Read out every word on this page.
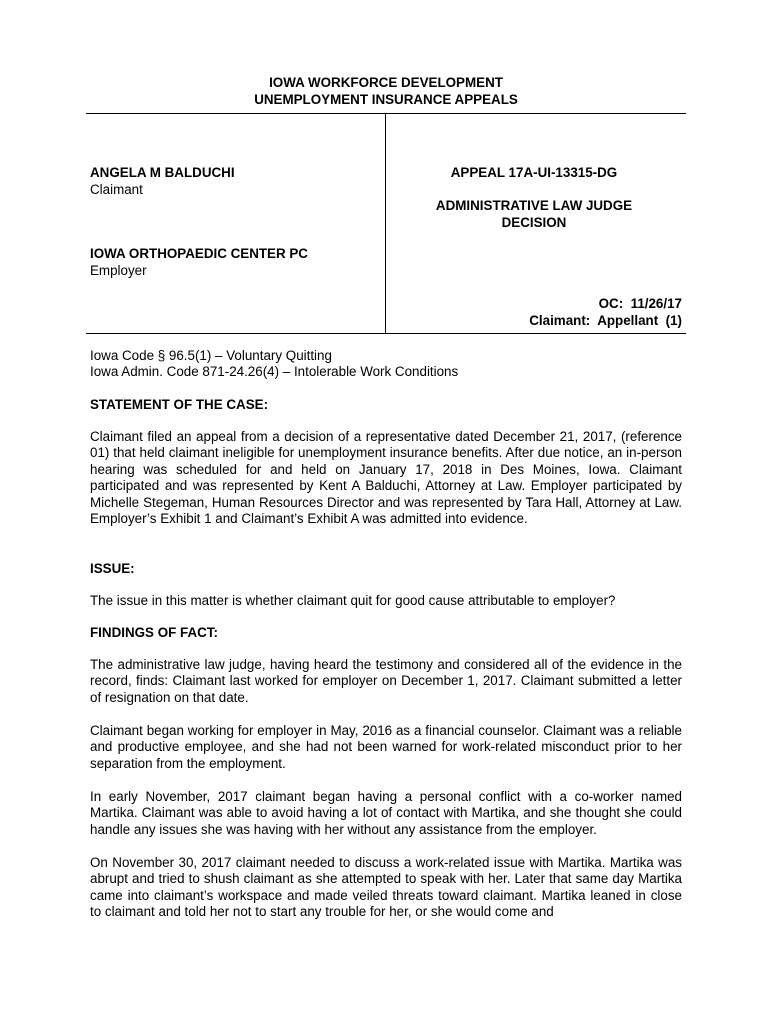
IOWA WORKFORCE DEVELOPMENT
UNEMPLOYMENT INSURANCE APPEALS
ANGELA M BALDUCHI
Claimant
IOWA ORTHOPAEDIC CENTER PC
Employer
APPEAL 17A-UI-13315-DG
ADMINISTRATIVE LAW JUDGE
DECISION
OC:  11/26/17
Claimant:  Appellant  (1)
Iowa Code § 96.5(1) – Voluntary Quitting
Iowa Admin. Code 871-24.26(4) – Intolerable Work Conditions
STATEMENT OF THE CASE:
Claimant filed an appeal from a decision of a representative dated December 21, 2017, (reference 01) that held claimant ineligible for unemployment insurance benefits. After due notice, an in-person hearing was scheduled for and held on January 17, 2018 in Des Moines, Iowa. Claimant participated and was represented by Kent A Balduchi, Attorney at Law. Employer participated by Michelle Stegeman, Human Resources Director and was represented by Tara Hall, Attorney at Law. Employer’s Exhibit 1 and Claimant’s Exhibit A was admitted into evidence.
ISSUE:
The issue in this matter is whether claimant quit for good cause attributable to employer?
FINDINGS OF FACT:
The administrative law judge, having heard the testimony and considered all of the evidence in the record, finds: Claimant last worked for employer on December 1, 2017. Claimant submitted a letter of resignation on that date.
Claimant began working for employer in May, 2016 as a financial counselor. Claimant was a reliable and productive employee, and she had not been warned for work-related misconduct prior to her separation from the employment.
In early November, 2017 claimant began having a personal conflict with a co-worker named Martika. Claimant was able to avoid having a lot of contact with Martika, and she thought she could handle any issues she was having with her without any assistance from the employer.
On November 30, 2017 claimant needed to discuss a work-related issue with Martika. Martika was abrupt and tried to shush claimant as she attempted to speak with her. Later that same day Martika came into claimant’s workspace and made veiled threats toward claimant. Martika leaned in close to claimant and told her not to start any trouble for her, or she would come and
